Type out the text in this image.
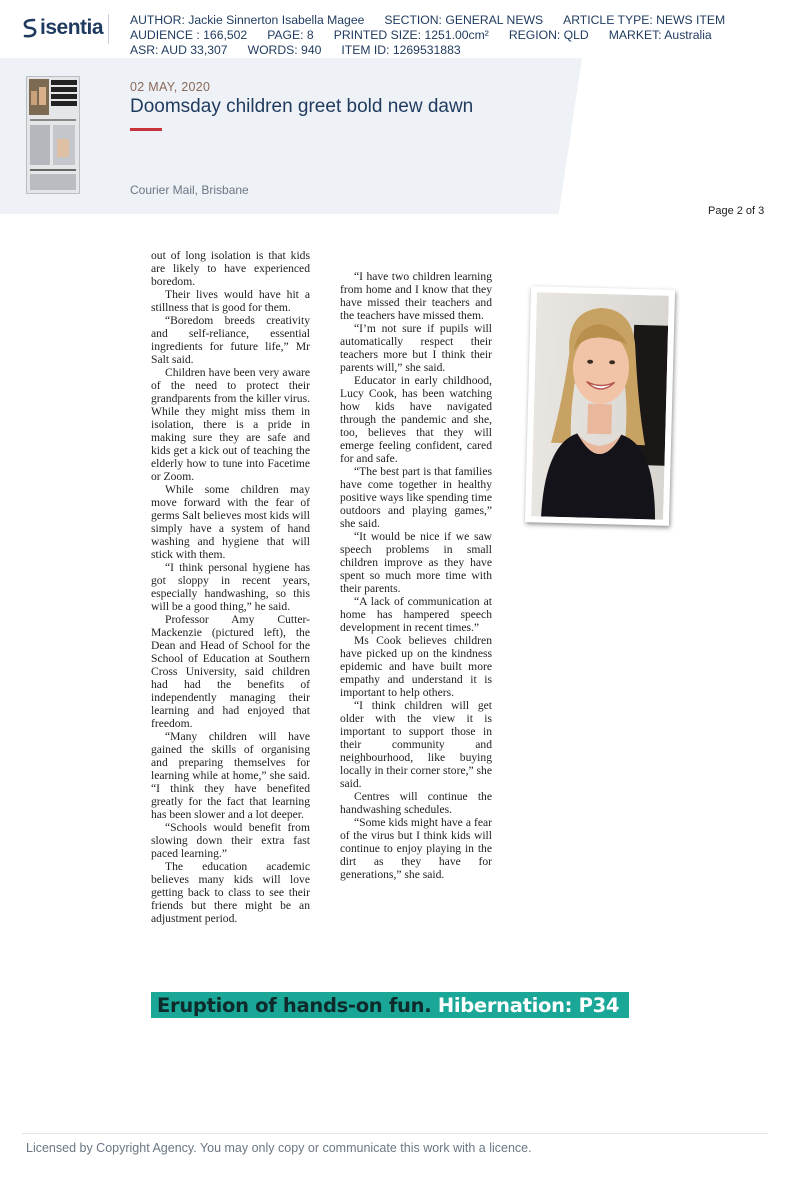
isentia AUTHOR: Jackie Sinnerton Isabella Magee SECTION: GENERAL NEWS ARTICLE TYPE: NEWS ITEM
AUDIENCE : 166,502 PAGE: 8 PRINTED SIZE: 1251.00cm² REGION: QLD MARKET: Australia
ASR: AUD 33,307 WORDS: 940 ITEM ID: 1269531883
02 MAY, 2020
Doomsday children greet bold new dawn
Courier Mail, Brisbane
Page 2 of 3

out of long isolation is that kids are likely to have experienced boredom.

Their lives would have hit a stillness that is good for them.

“Boredom breeds creativity and self-reliance, essential ingredients for future life,” Mr Salt said.

Children have been very aware of the need to protect their grandparents from the killer virus. While they might miss them in isolation, there is a pride in making sure they are safe and kids get a kick out of teaching the elderly how to tune into Facetime or Zoom.

While some children may move forward with the fear of germs Salt believes most kids will simply have a system of hand washing and hygiene that will stick with them.

“I think personal hygiene has got sloppy in recent years, especially handwashing, so this will be a good thing,” he said.

Professor Amy Cutter-Mackenzie (pictured left), the Dean and Head of School for the School of Education at Southern Cross University, said children had had the benefits of independently managing their learning and had enjoyed that freedom.

“Many children will have gained the skills of organising and preparing themselves for learning while at home,” she said. “I think they have benefited greatly for the fact that learning has been slower and a lot deeper.

“Schools would benefit from slowing down their extra fast paced learning.”

The education academic believes many kids will love getting back to class to see their friends but there might be an adjustment period.

“I have two children learning from home and I know that they have missed their teachers and the teachers have missed them.

“I’m not sure if pupils will automatically respect their teachers more but I think their parents will,” she said.

Educator in early childhood, Lucy Cook, has been watching how kids have navigated through the pandemic and she, too, believes that they will emerge feeling confident, cared for and safe.

“The best part is that families have come together in healthy positive ways like spending time outdoors and playing games,” she said.

“It would be nice if we saw speech problems in small children improve as they have spent so much more time with their parents.

“A lack of communication at home has hampered speech development in recent times.”

Ms Cook believes children have picked up on the kindness epidemic and have built more empathy and understand it is important to help others.

“I think children will get older with the view it is important to support those in their community and neighbourhood, like buying locally in their corner store,” she said.

Centres will continue the handwashing schedules.

“Some kids might have a fear of the virus but I think kids will continue to enjoy playing in the dirt as they have for generations,” she said.

Eruption of hands-on fun. Hibernation: P34
Licensed by Copyright Agency. You may only copy or communicate this work with a licence.
